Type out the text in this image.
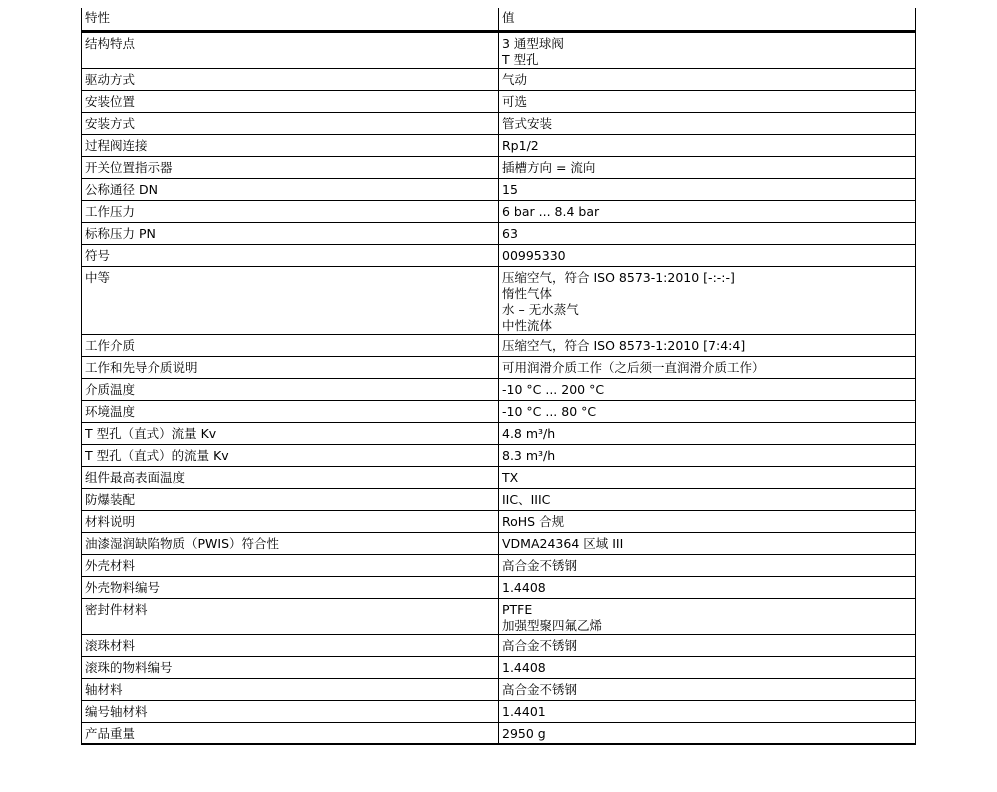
特性	值
结构特点	3 通型球阀
T 型孔

驱动方式	气动

安装位置	可选

安装方式	管式安装

过程阀连接	Rp1/2

开关位置指示器	插槽方向 = 流向

公称通径 DN	15

工作压力	6 bar ... 8.4 bar

标称压力 PN	63

符号	00995330

中等	压缩空气，符合 ISO 8573-1:2010 [-:-:-]
惰性气体
水 – 无水蒸气
中性流体

工作介质	压缩空气，符合 ISO 8573-1:2010 [7:4:4]

工作和先导介质说明	可用润滑介质工作（之后须一直润滑介质工作）

介质温度	-10 °C ... 200 °C

环境温度	-10 °C ... 80 °C

T 型孔（直式）流量 Kv	4.8 m³/h

T 型孔（直式）的流量 Kv	8.3 m³/h

组件最高表面温度	TX

防爆装配	IIC、IIIC

材料说明	RoHS 合规

油漆湿润缺陷物质（PWIS）符合性	VDMA24364 区域 III

外壳材料	高合金不锈钢

外壳物料编号	1.4408

密封件材料	PTFE
加强型聚四氟乙烯

滚珠材料	高合金不锈钢

滚珠的物料编号	1.4408

轴材料	高合金不锈钢

编号轴材料	1.4401

产品重量	2950 g
